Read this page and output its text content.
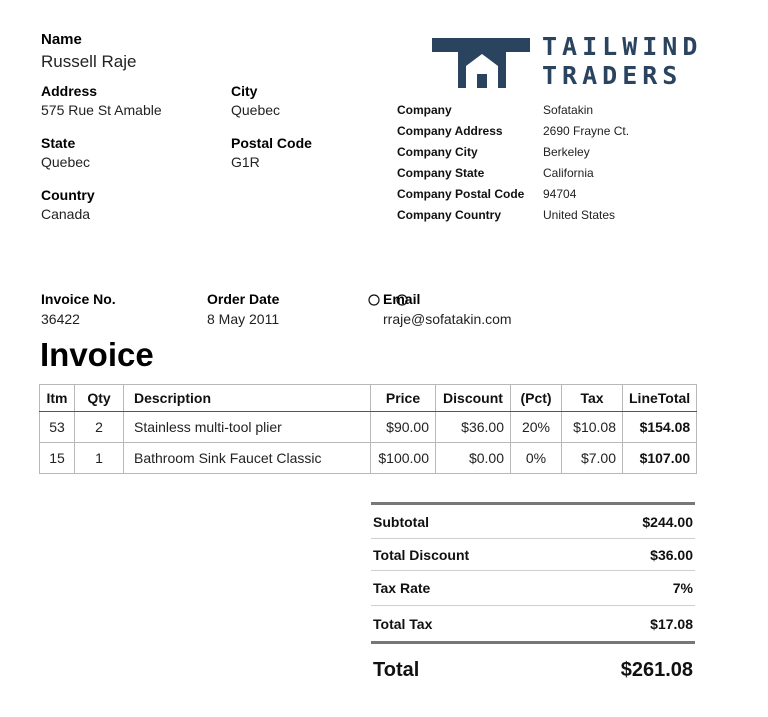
Name
Russell Raje
Address
575 Rue St Amable
City
Quebec
State
Quebec
Postal Code
G1R
Country
Canada
TAILWIND
TRADERS
Company	Sofatakin
Company Address	2690 Frayne Ct.
Company City	Berkeley
Company State	California
Company Postal Code	94704
Company Country	United States
Invoice No.
36422
Order Date
8 May 2011
Email
rraje@sofatakin.com
Invoice
Itm	Qty	Description	Price	Discount	(Pct)	Tax	LineTotal
53	2	Stainless multi-tool plier	$90.00	$36.00	20%	$10.08	$154.08
15	1	Bathroom Sink Faucet Classic	$100.00	$0.00	0%	$7.00	$107.00
Subtotal	$244.00
Total Discount	$36.00
Tax Rate	7%
Total Tax	$17.08
Total	$261.08
